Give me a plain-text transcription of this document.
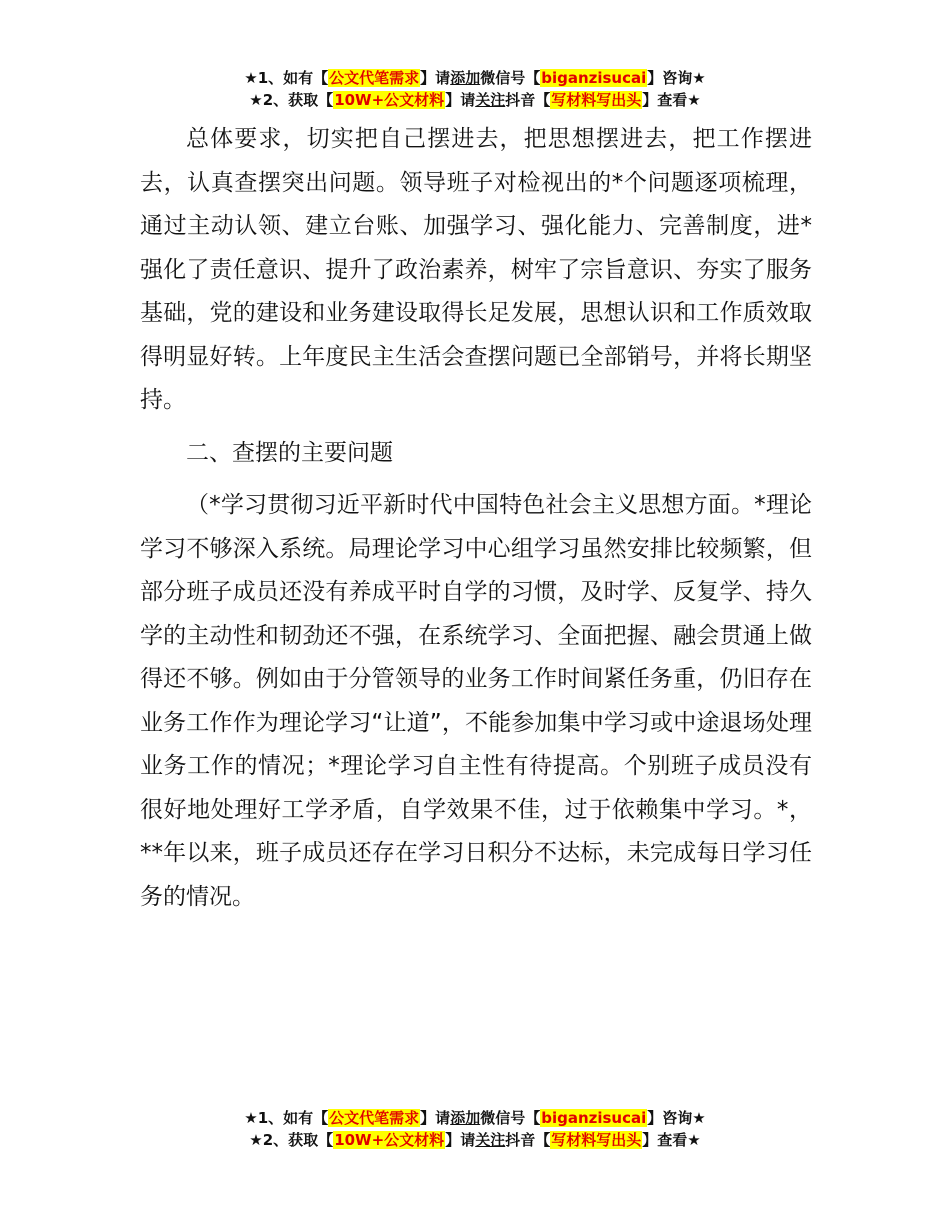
★1、如有【公文代笔需求】请添加微信号【biganzisucai】咨询★
★2、获取【10W+公文材料】请关注抖音【写材料写出头】查看★

总体要求，切实把自己摆进去，把思想摆进去，把工作摆进去，认真查摆突出问题。领导班子对检视出的*个问题逐项梳理，通过主动认领、建立台账、加强学习、强化能力、完善制度，进*强化了责任意识、提升了政治素养，树牢了宗旨意识、夯实了服务基础，党的建设和业务建设取得长足发展，思想认识和工作质效取得明显好转。上年度民主生活会查摆问题已全部销号，并将长期坚持。

二、查摆的主要问题

（*学习贯彻习近平新时代中国特色社会主义思想方面。*理论学习不够深入系统。局理论学习中心组学习虽然安排比较频繁，但部分班子成员还没有养成平时自学的习惯，及时学、反复学、持久学的主动性和韧劲还不强，在系统学习、全面把握、融会贯通上做得还不够。例如由于分管领导的业务工作时间紧任务重，仍旧存在业务工作作为理论学习“让道”，不能参加集中学习或中途退场处理业务工作的情况；*理论学习自主性有待提高。个别班子成员没有很好地处理好工学矛盾，自学效果不佳，过于依赖集中学习。*，**年以来，班子成员还存在学习日积分不达标，未完成每日学习任务的情况。

★1、如有【公文代笔需求】请添加微信号【biganzisucai】咨询★
★2、获取【10W+公文材料】请关注抖音【写材料写出头】查看★
